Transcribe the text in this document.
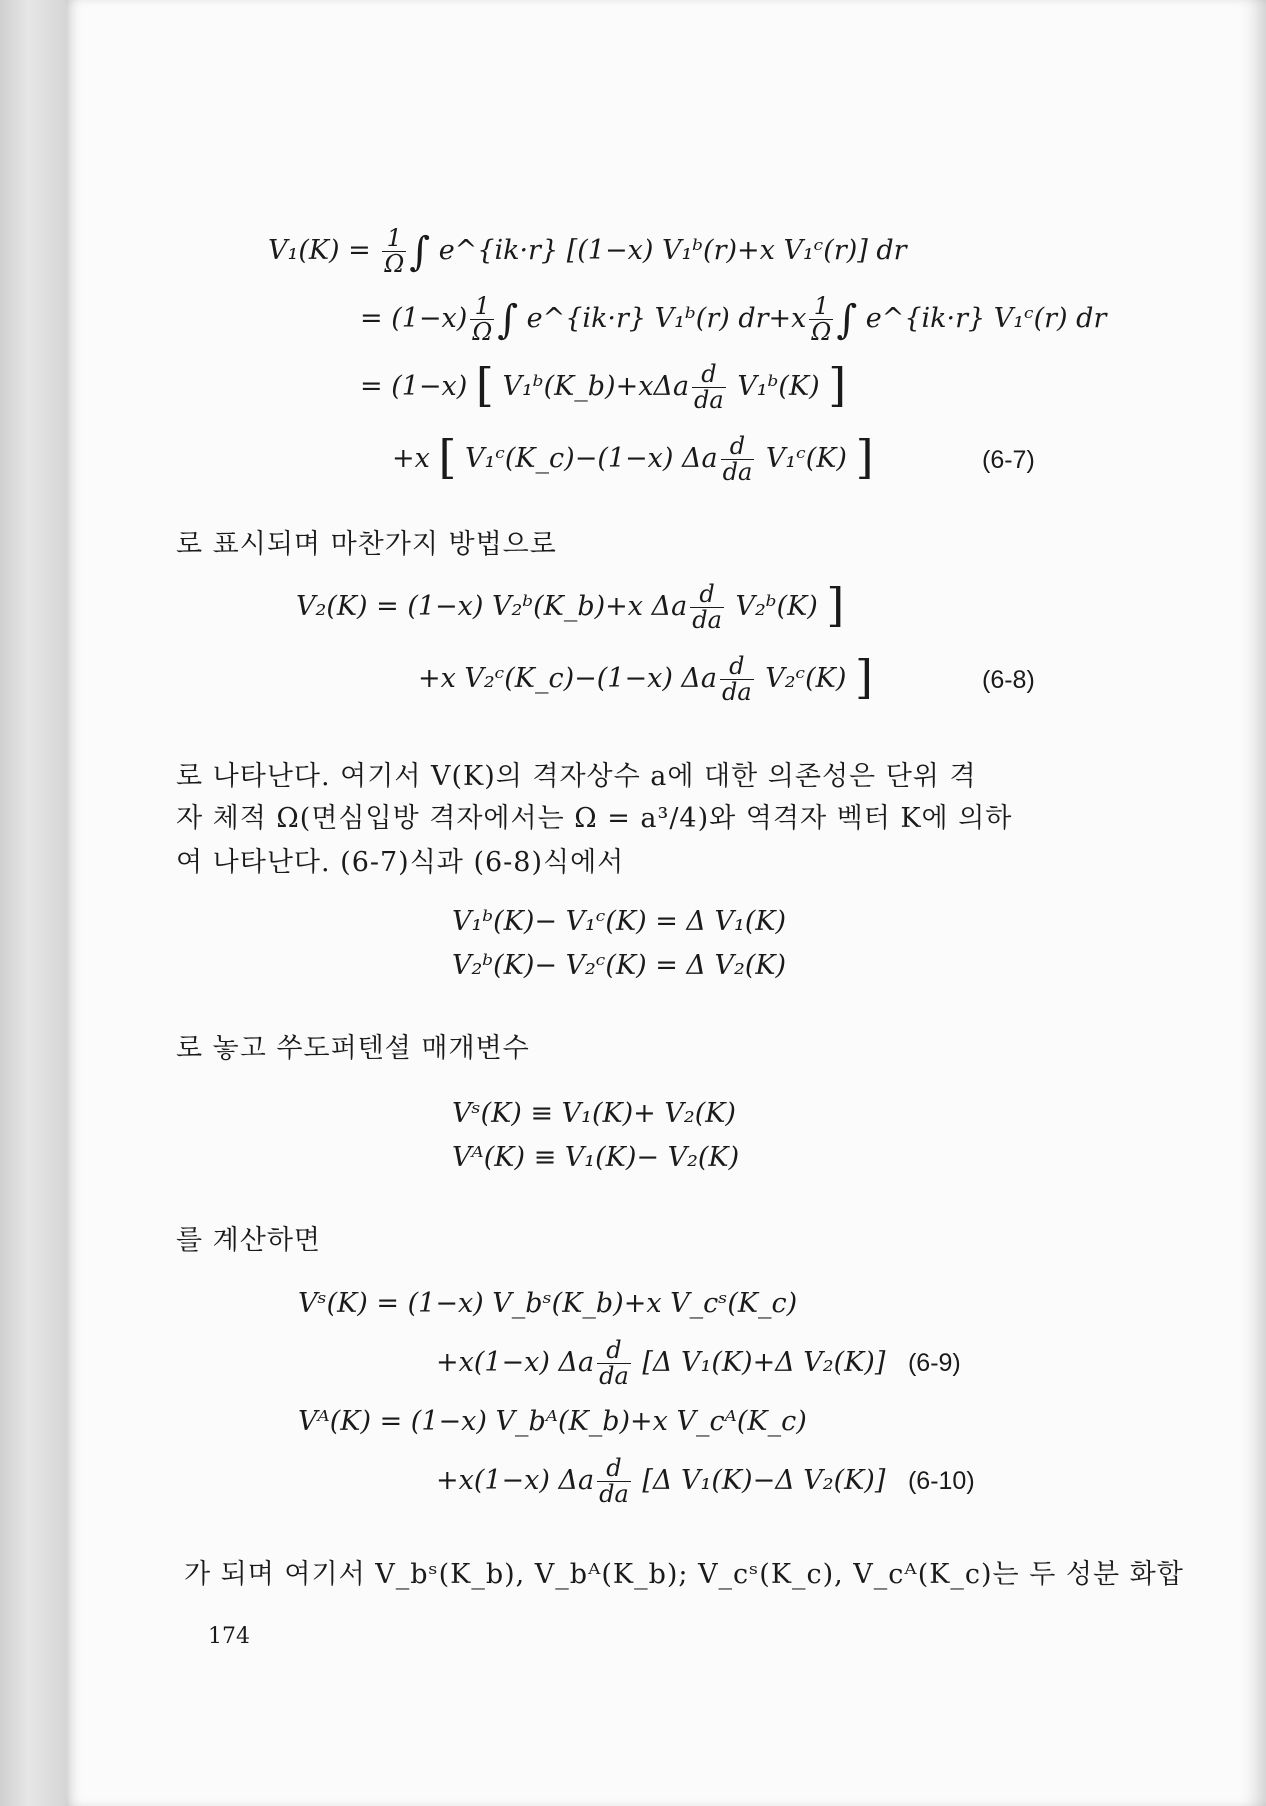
$V_1(K) = \frac{1}{\Omega}$ ∫ e^{ik·r} [(1−x) V₁ᵇ(r)+x V₁ᶜ(r)] dr
= $(1-x) \frac{1}{\Omega}$ ∫ e^{ik·r} V₁ᵇ(r) $dr+x \frac{1}{\Omega}$ ∫ e^{ik·r} V₁ᶜ(r) dr
= (1−x) [ V₁ᵇ(K_b)+xΔa $\frac{d}{da}$ V₁ᵇ(K) ]
+x [ V₁ᶜ(K_c)−(1−x) Δa $\frac{d}{da}$ V₁ᶜ(K) ]	(6-7)
로 표시되며 마찬가지 방법으로
V₂(K) = (1−x) V₂ᵇ(K_b)+x Δa $\frac{d}{da}$ V₂ᵇ(K) ]
+x V₂ᶜ(K_c)−(1−x) Δa $\frac{d}{da}$ V₂ᶜ(K) ]	(6-8)
로 나타난다. 여기서 V(K)의 격자상수 a에 대한 의존성은 단위 격
자 체적 Ω(면심입방 격자에서는 Ω = a³/4)와 역격자 벡터 K에 의하
여 나타난다. (6-7)식과 (6-8)식에서
V₁ᵇ(K)− V₁ᶜ(K) = Δ V₁(K)
V₂ᵇ(K)− V₂ᶜ(K) = Δ V₂(K)
로 놓고 쑤도퍼텐셜 매개변수
Vˢ(K) ≡ V₁(K)+ V₂(K)
Vᴬ(K) ≡ V₁(K)− V₂(K)
를 계산하면
Vˢ(K) = (1−x) V_bˢ(K_b)+x V_cˢ(K_c)
+x(1−x) Δa $\frac{d}{da} [\Delta$ V₁(K)+Δ V₂(K)] (6-9)
Vᴬ(K) = (1−x) V_bᴬ(K_b)+x V_cᴬ(K_c)
+x(1−x) Δa $\frac{d}{da} [\Delta$ V₁(K)−Δ V₂(K)] (6-10)
가 되며 여기서 V_bˢ(K_b), V_bᴬ(K_b); V_cˢ(K_c), V_cᴬ(K_c)는 두 성분 화합
174
